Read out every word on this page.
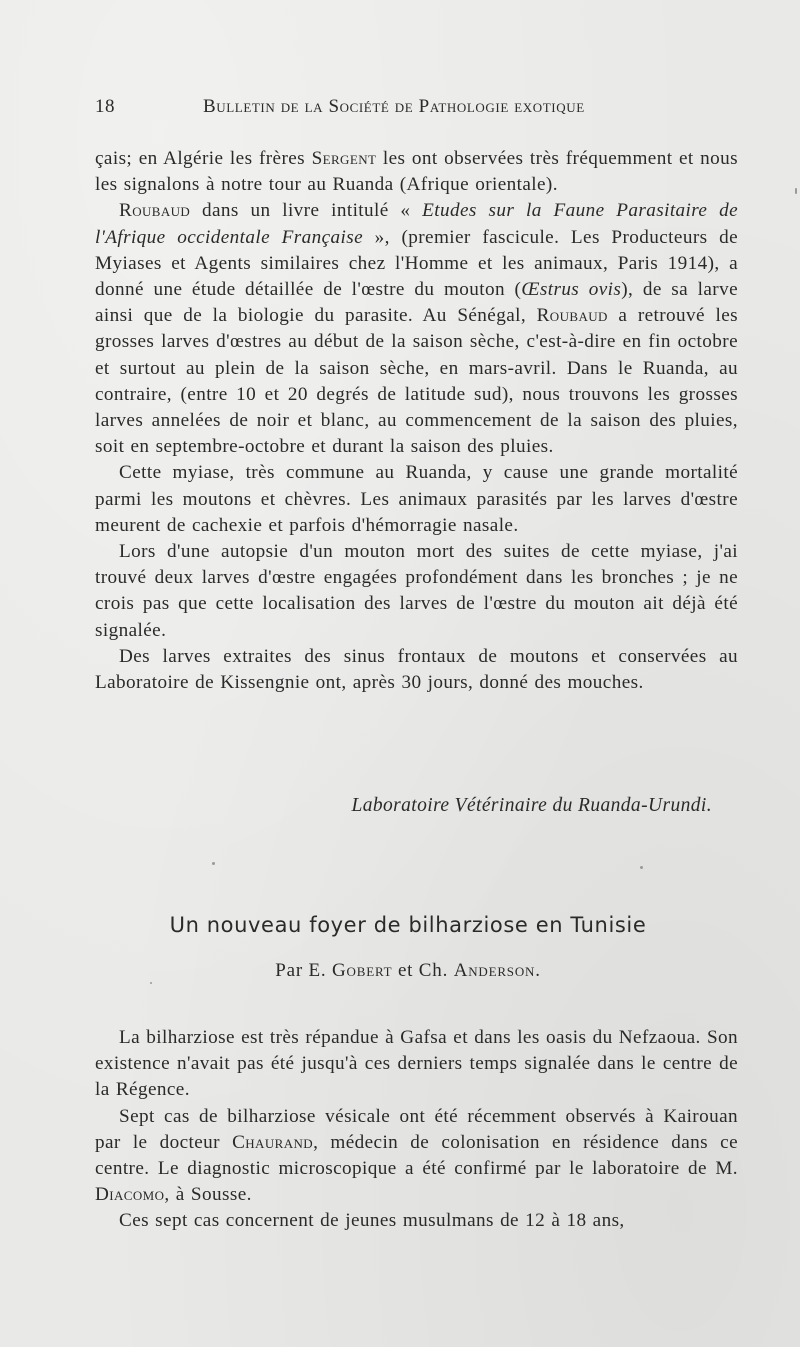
18	Bulletin de la Société de Pathologie exotique

çais; en Algérie les frères Sergent les ont observées très fréquemment et nous les signalons à notre tour au Ruanda (Afrique orientale).

Roubaud dans un livre intitulé « Etudes sur la Faune Parasitaire de l'Afrique occidentale Française », (premier fascicule. Les Producteurs de Myiases et Agents similaires chez l'Homme et les animaux, Paris 1914), a donné une étude détaillée de l'œstre du mouton (Œstrus ovis), de sa larve ainsi que de la biologie du parasite. Au Sénégal, Roubaud a retrouvé les grosses larves d'œstres au début de la saison sèche, c'est-à-dire en fin octobre et surtout au plein de la saison sèche, en mars-avril. Dans le Ruanda, au contraire, (entre 10 et 20 degrés de latitude sud), nous trouvons les grosses larves annelées de noir et blanc, au commencement de la saison des pluies, soit en septembre-octobre et durant la saison des pluies.

Cette myiase, très commune au Ruanda, y cause une grande mortalité parmi les moutons et chèvres. Les animaux parasités par les larves d'œstre meurent de cachexie et parfois d'hémorragie nasale.

Lors d'une autopsie d'un mouton mort des suites de cette myiase, j'ai trouvé deux larves d'œstre engagées profondément dans les bronches ; je ne crois pas que cette localisation des larves de l'œstre du mouton ait déjà été signalée.

Des larves extraites des sinus frontaux de moutons et conservées au Laboratoire de Kissengnie ont, après 30 jours, donné des mouches.

Laboratoire Vétérinaire du Ruanda-Urundi.
Un nouveau foyer de bilharziose en Tunisie
Par E. Gobert et Ch. Anderson.

La bilharziose est très répandue à Gafsa et dans les oasis du Nefzaoua. Son existence n'avait pas été jusqu'à ces derniers temps signalée dans le centre de la Régence.

Sept cas de bilharziose vésicale ont été récemment observés à Kairouan par le docteur Chaurand, médecin de colonisation en résidence dans ce centre. Le diagnostic microscopique a été confirmé par le laboratoire de M. Diacomo, à Sousse.

Ces sept cas concernent de jeunes musulmans de 12 à 18 ans,
